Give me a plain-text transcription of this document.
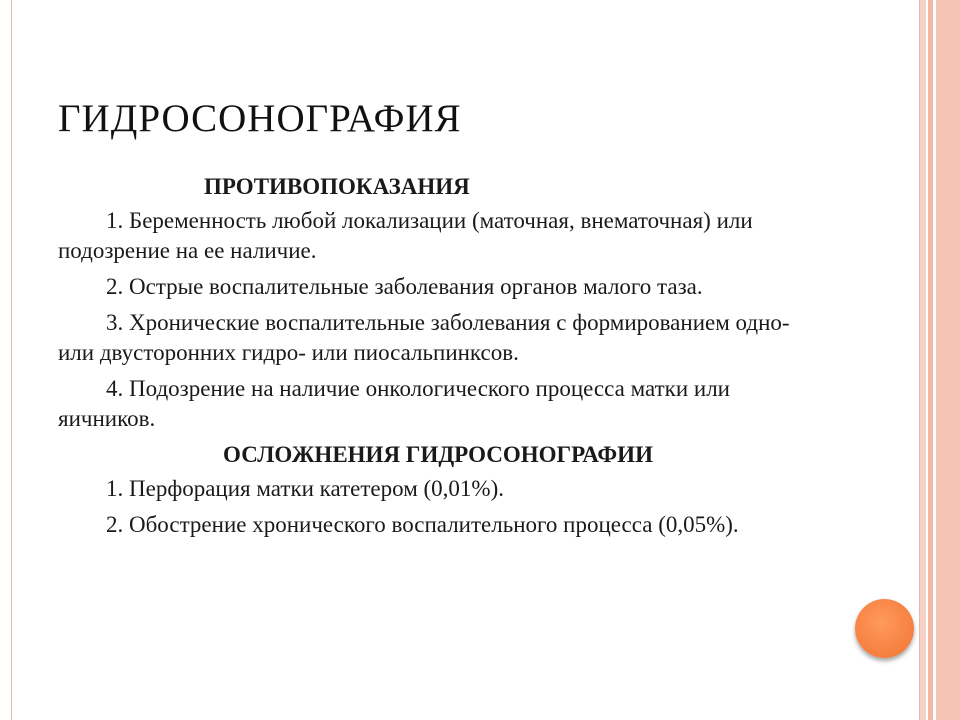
ГИДРОСОНОГРАФИЯ

ПРОТИВОПОКАЗАНИЯ

1. Беременность любой локализации (маточная, внематочная) или подозрение на ее наличие.

2. Острые воспалительные заболевания органов малого таза.

3. Хронические воспалительные заболевания с формированием одно- или двусторонних гидро- или пиосальпинксов.

4. Подозрение на наличие онкологического процесса матки или яичников.

ОСЛОЖНЕНИЯ ГИДРОСОНОГРАФИИ

1. Перфорация матки катетером (0,01%).

2. Обострение хронического воспалительного процесса (0,05%).
